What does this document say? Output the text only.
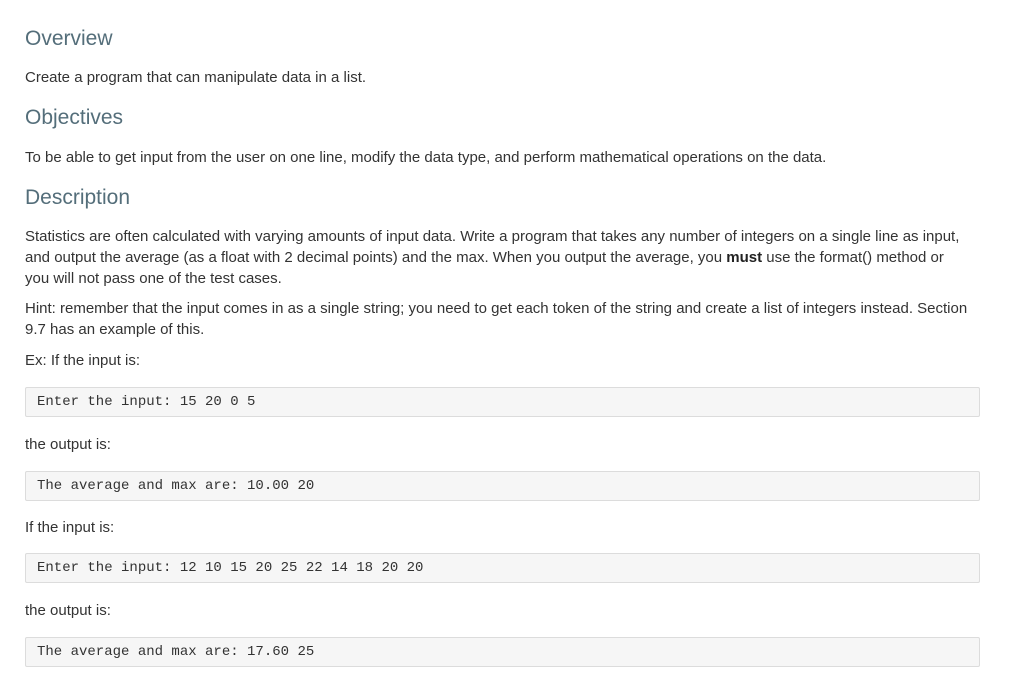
Overview

Create a program that can manipulate data in a list.

Objectives

To be able to get input from the user on one line, modify the data type, and perform mathematical operations on the data.

Description

Statistics are often calculated with varying amounts of input data. Write a program that takes any number of integers on a single line as input, and output the average (as a float with 2 decimal points) and the max. When you output the average, you must use the format() method or you will not pass one of the test cases.

Hint: remember that the input comes in as a single string; you need to get each token of the string and create a list of integers instead. Section 9.7 has an example of this.

Ex: If the input is:

Enter the input: 15 20 0 5

the output is:

The average and max are: 10.00 20

If the input is:

Enter the input: 12 10 15 20 25 22 14 18 20 20

the output is:

The average and max are: 17.60 25
